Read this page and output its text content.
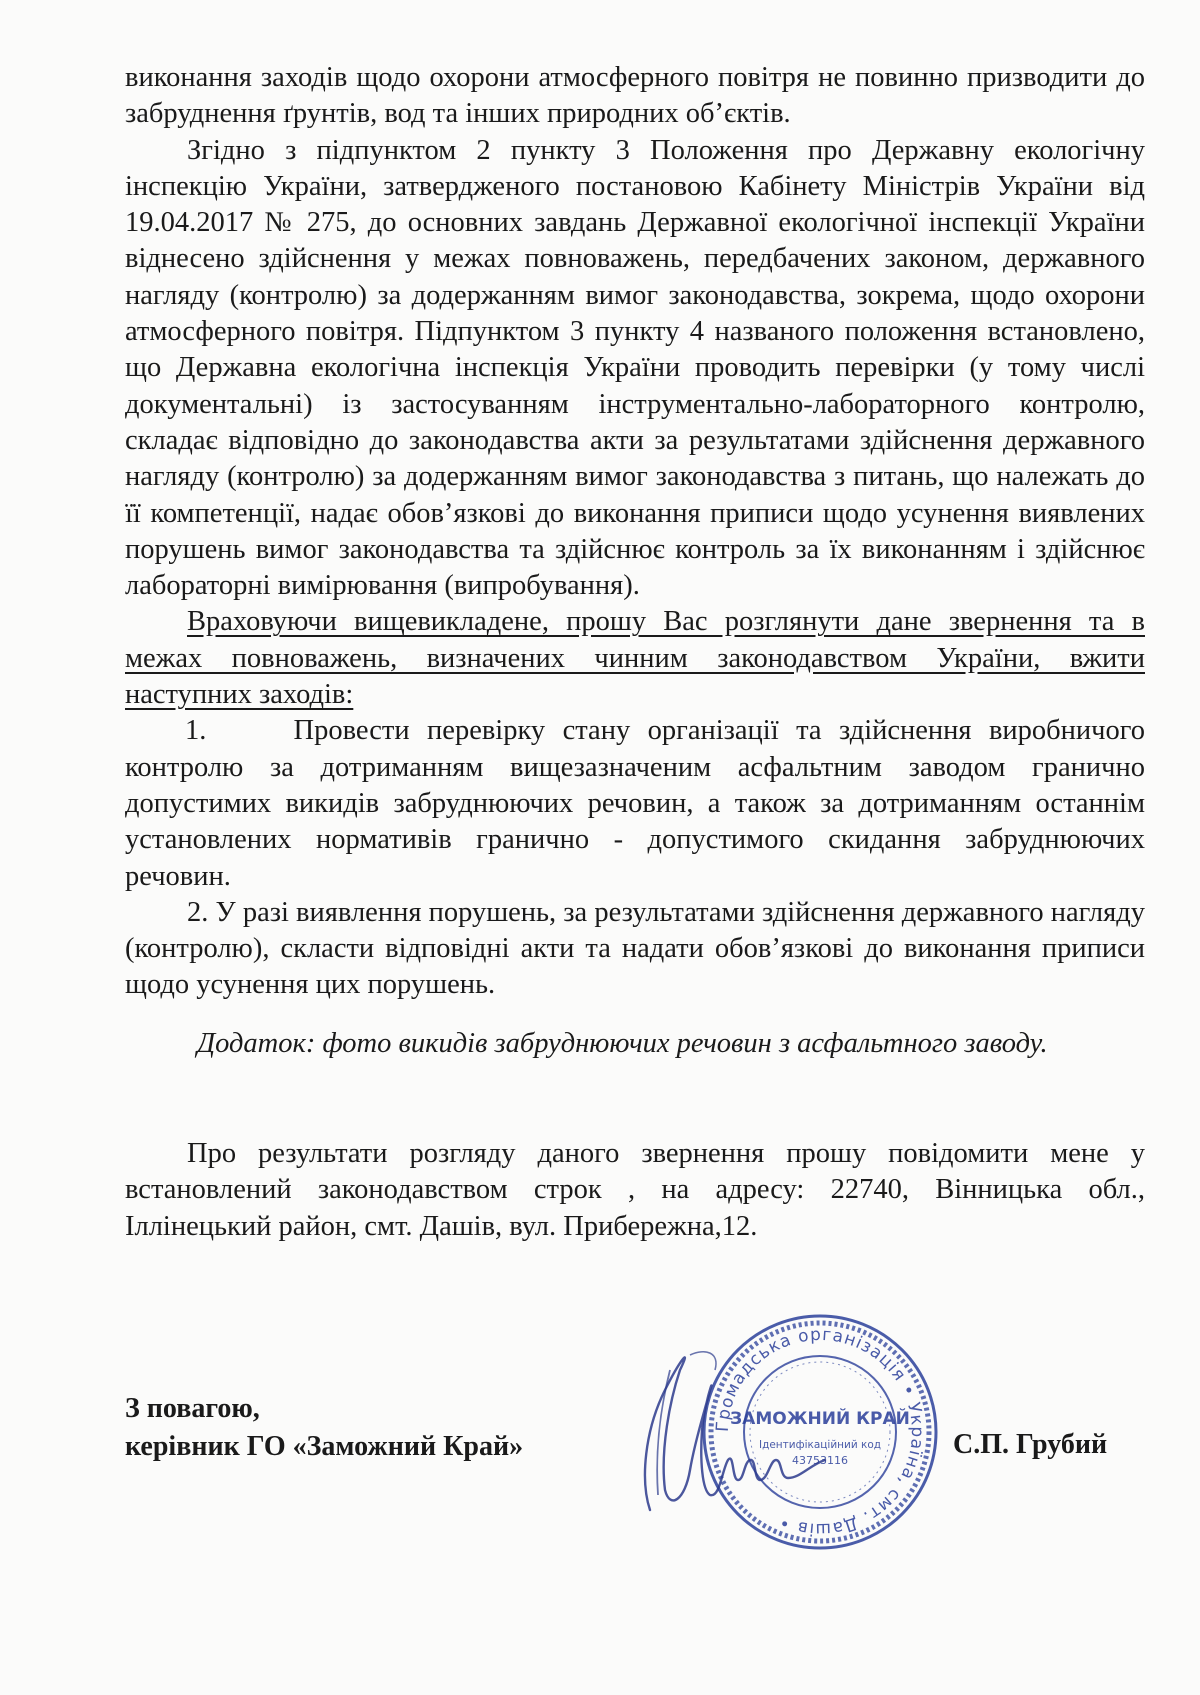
виконання заходів щодо охорони атмосферного повітря не повинно призводити до забруднення ґрунтів, вод та інших природних об’єктів.

Згідно з підпунктом 2 пункту 3 Положення про Державну екологічну інспекцію України, затвердженого постановою Кабінету Міністрів України від 19.04.2017 № 275, до основних завдань Державної екологічної інспекції України віднесено здійснення у межах повноважень, передбачених законом, державного нагляду (контролю) за додержанням вимог законодавства, зокрема, щодо охорони атмосферного повітря. Підпунктом 3 пункту 4 названого положення встановлено, що Державна екологічна інспекція України проводить перевірки (у тому числі документальні) із застосуванням інструментально-лабораторного контролю, складає відповідно до законодавства акти за результатами здійснення державного нагляду (контролю) за додержанням вимог законодавства з питань, що належать до її компетенції, надає обов’язкові до виконання приписи щодо усунення виявлених порушень вимог законодавства та здійснює контроль за їх виконанням і здійснює лабораторні вимірювання (випробування).

Враховуючи вищевикладене, прошу Вас розглянути дане звернення та в межах повноважень, визначених чинним законодавством України, вжити наступних заходів:

1.     Провести перевірку стану організації та здійснення виробничого контролю за дотриманням вищезазначеним асфальтним заводом гранично допустимих викидів забруднюючих речовин, а також за дотриманням останнім установлених нормативів гранично - допустимого скидання забруднюючих речовин.

2. У разі виявлення порушень, за результатами здійснення державного нагляду (контролю), скласти відповідні акти та надати обов’язкові до виконання приписи щодо усунення цих порушень.

Додаток: фото викидів забруднюючих речовин з асфальтного заводу.

Про результати розгляду даного звернення прошу повідомити мене у встановлений законодавством строк , на адресу: 22740, Вінницька обл., Іллінецький район, смт. Дашів, вул. Прибережна,12.

З повагою,
керівник ГО «Заможний Край»
Громадська організація • Україна, смт. Дашів •
ЗАМОЖНИЙ КРАЙ
Ідентифікаційний код
43753116
С.П. Грубий
